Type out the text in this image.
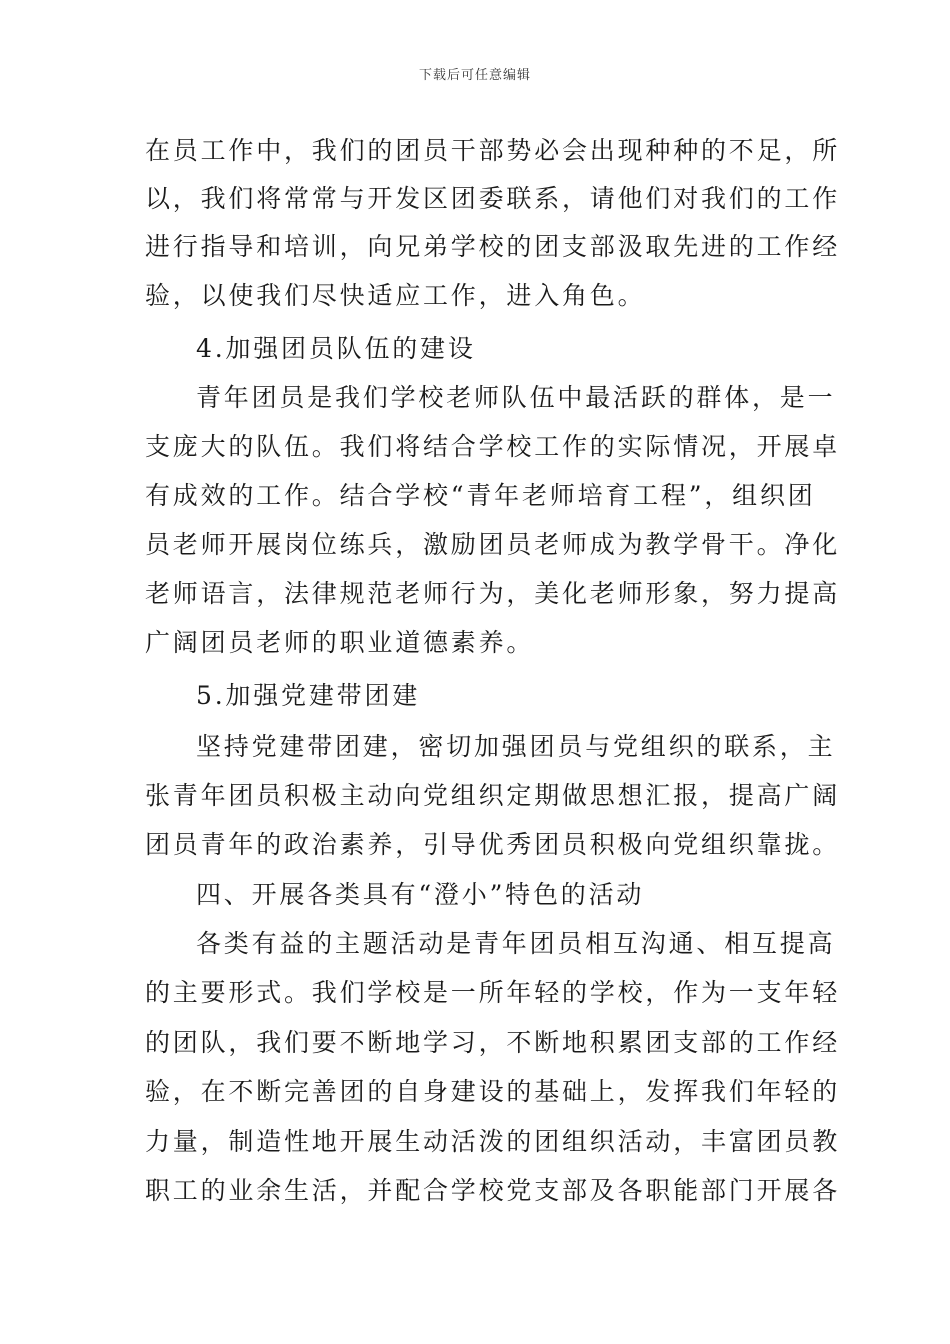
下载后可任意编辑
在员工作中，我们的团员干部势必会出现种种的不足，所
以，我们将常常与开发区团委联系，请他们对我们的工作
进行指导和培训，向兄弟学校的团支部汲取先进的工作经
验，以使我们尽快适应工作，进入角色。
4.加强团员队伍的建设
青年团员是我们学校老师队伍中最活跃的群体，是一
支庞大的队伍。我们将结合学校工作的实际情况，开展卓
有成效的工作。结合学校“青年老师培育工程”，组织团
员老师开展岗位练兵，激励团员老师成为教学骨干。净化
老师语言，法律规范老师行为，美化老师形象，努力提高
广阔团员老师的职业道德素养。
5.加强党建带团建
坚持党建带团建，密切加强团员与党组织的联系，主
张青年团员积极主动向党组织定期做思想汇报，提高广阔
团员青年的政治素养，引导优秀团员积极向党组织靠拢。
四、开展各类具有“澄小”特色的活动
各类有益的主题活动是青年团员相互沟通、相互提高
的主要形式。我们学校是一所年轻的学校，作为一支年轻
的团队，我们要不断地学习，不断地积累团支部的工作经
验，在不断完善团的自身建设的基础上，发挥我们年轻的
力量，制造性地开展生动活泼的团组织活动，丰富团员教
职工的业余生活，并配合学校党支部及各职能部门开展各
